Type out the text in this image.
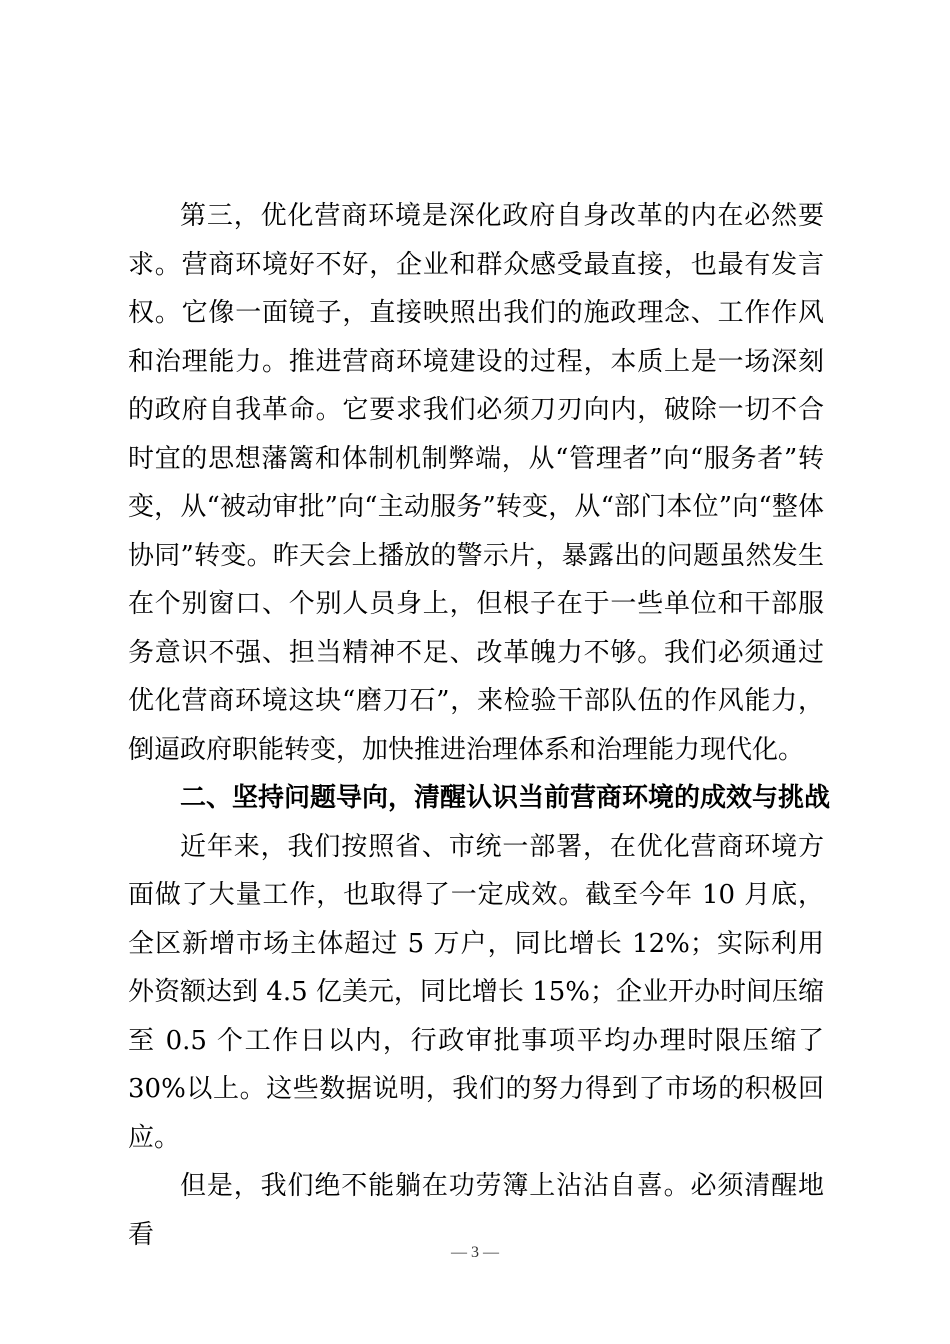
第三，优化营商环境是深化政府自身改革的内在必然要求。营商环境好不好，企业和群众感受最直接，也最有发言权。它像一面镜子，直接映照出我们的施政理念、工作作风和治理能力。推进营商环境建设的过程，本质上是一场深刻的政府自我革命。它要求我们必须刀刃向内，破除一切不合时宜的思想藩篱和体制机制弊端，从“管理者”向“服务者”转变，从“被动审批”向“主动服务”转变，从“部门本位”向“整体协同”转变。昨天会上播放的警示片，暴露出的问题虽然发生在个别窗口、个别人员身上，但根子在于一些单位和干部服务意识不强、担当精神不足、改革魄力不够。我们必须通过优化营商环境这块“磨刀石”，来检验干部队伍的作风能力，倒逼政府职能转变，加快推进治理体系和治理能力现代化。

二、坚持问题导向，清醒认识当前营商环境的成效与挑战

近年来，我们按照省、市统一部署，在优化营商环境方面做了大量工作，也取得了一定成效。截至今年 10 月底，全区新增市场主体超过 5 万户，同比增长 12%；实际利用外资额达到 4.5 亿美元，同比增长 15%；企业开办时间压缩至 0.5 个工作日以内，行政审批事项平均办理时限压缩了 30%以上。这些数据说明，我们的努力得到了市场的积极回应。

但是，我们绝不能躺在功劳簿上沾沾自喜。必须清醒地看

— 3 —
